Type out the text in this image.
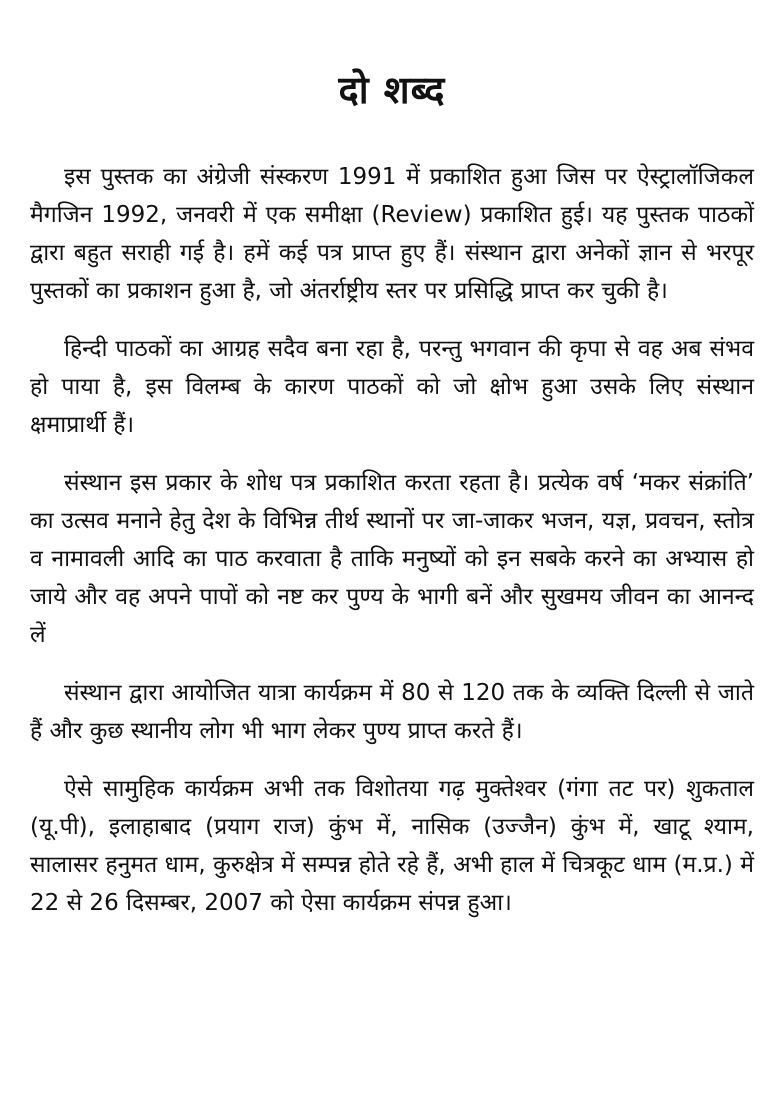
दो शब्द

इस पुस्तक का अंग्रेजी संस्करण 1991 में प्रकाशित हुआ जिस पर ऐस्ट्रालॉजिकल मैगजिन 1992, जनवरी में एक समीक्षा (Review) प्रकाशित हुई। यह पुस्तक पाठकों द्वारा बहुत सराही गई है। हमें कई पत्र प्राप्त हुए हैं। संस्थान द्वारा अनेकों ज्ञान से भरपूर पुस्तकों का प्रकाशन हुआ है, जो अंतर्राष्ट्रीय स्तर पर प्रसिद्धि प्राप्त कर चुकी है।

हिन्दी पाठकों का आग्रह सदैव बना रहा है, परन्तु भगवान की कृपा से वह अब संभव हो पाया है, इस विलम्ब के कारण पाठकों को जो क्षोभ हुआ उसके लिए संस्थान क्षमाप्रार्थी हैं।

संस्थान इस प्रकार के शोध पत्र प्रकाशित करता रहता है। प्रत्येक वर्ष ‘मकर संक्रांति’ का उत्सव मनाने हेतु देश के विभिन्न तीर्थ स्थानों पर जा-जाकर भजन, यज्ञ, प्रवचन, स्तोत्र व नामावली आदि का पाठ करवाता है ताकि मनुष्यों को इन सबके करने का अभ्यास हो जाये और वह अपने पापों को नष्ट कर पुण्य के भागी बनें और सुखमय जीवन का आनन्द लें

संस्थान द्वारा आयोजित यात्रा कार्यक्रम में 80 से 120 तक के व्यक्ति दिल्ली से जाते हैं और कुछ स्थानीय लोग भी भाग लेकर पुण्य प्राप्त करते हैं।

ऐसे सामुहिक कार्यक्रम अभी तक विशोतया गढ़ मुक्तेश्वर (गंगा तट पर) शुकताल (यू.पी), इलाहाबाद (प्रयाग राज) कुंभ में, नासिक (उज्जैन) कुंभ में, खाटू श्याम, सालासर हनुमत धाम, कुरुक्षेत्र में सम्पन्न होते रहे हैं, अभी हाल में चित्रकूट धाम (म.प्र.) में 22 से 26 दिसम्बर, 2007 को ऐसा कार्यक्रम संपन्न हुआ।
